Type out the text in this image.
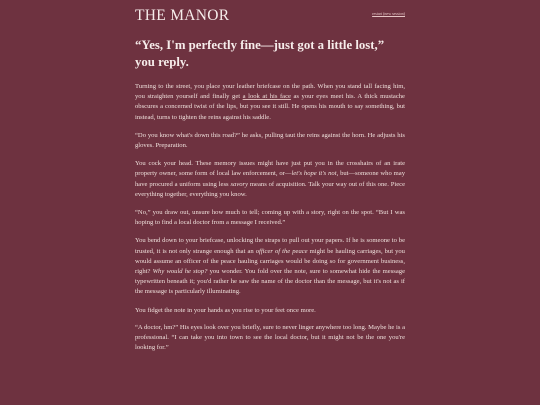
THE MANOR	restart (new session)
“Yes, I'm perfectly fine—just got a little lost,” you reply.

Turning to the street, you place your leather briefcase on the path. When you stand tall facing him, you straighten yourself and finally get a look at his face as your eyes meet his. A thick mustache obscures a concerned twist of the lips, but you see it still. He opens his mouth to say something, but instead, turns to tighten the reins against his saddle.

“Do you know what's down this road?” he asks, pulling taut the reins against the horn. He adjusts his gloves. Preparation.

You cock your head. These memory issues might have just put you in the crosshairs of an irate property owner, some form of local law enforcement, or—let's hope it's not, but—someone who may have procured a uniform using less savory means of acquisition. Talk your way out of this one. Piece everything together, everything you know.

“No,” you draw out, unsure how much to tell; coming up with a story, right on the spot. “But I was hoping to find a local doctor from a message I received.”

You bend down to your briefcase, unlocking the straps to pull out your papers. If he is someone to be trusted, it is not only strange enough that an officer of the peace might be hauling carriages, but you would assume an officer of the peace hauling carriages would be doing so for government business, right? Why would he stop? you wonder. You fold over the note, sure to somewhat hide the message typewritten beneath it; you'd rather he saw the name of the doctor than the message, but it's not as if the message is particularly illuminating.

You fidget the note in your hands as you rise to your feet once more.

“A doctor, hm?” His eyes look over you briefly, sure to never linger anywhere too long. Maybe he is a professional. “I can take you into town to see the local doctor, but it might not be the one you're looking for.”
